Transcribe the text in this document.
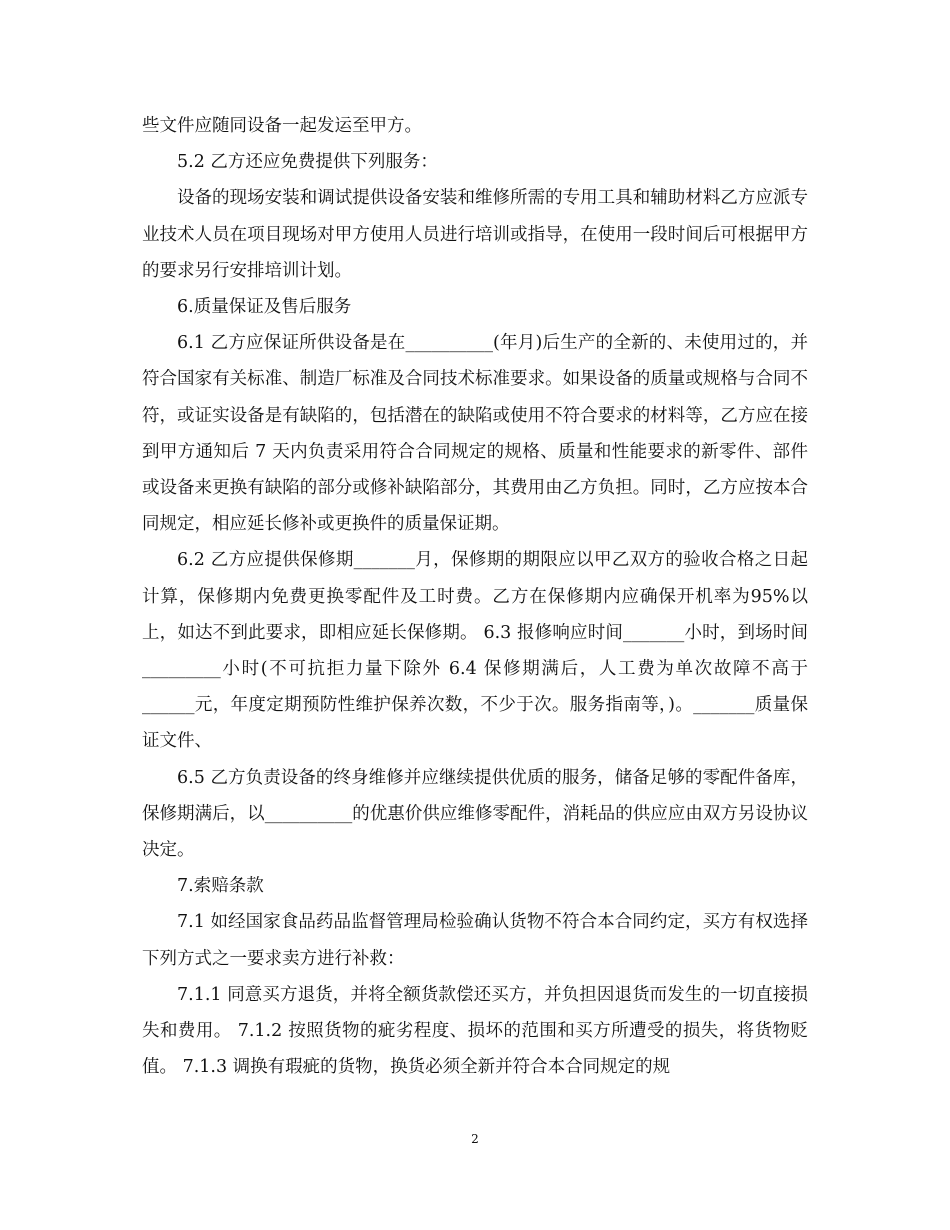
些文件应随同设备一起发运至甲方。

5.2 乙方还应免费提供下列服务：

设备的现场安装和调试提供设备安装和维修所需的专用工具和辅助材料乙方应派专业技术人员在项目现场对甲方使用人员进行培训或指导，在使用一段时间后可根据甲方的要求另行安排培训计划。

6.质量保证及售后服务

6.1 乙方应保证所供设备是在__________(年月)后生产的全新的、未使用过的，并符合国家有关标准、制造厂标准及合同技术标准要求。如果设备的质量或规格与合同不符，或证实设备是有缺陷的，包括潜在的缺陷或使用不符合要求的材料等，乙方应在接到甲方通知后 7 天内负责采用符合合同规定的规格、质量和性能要求的新零件、部件或设备来更换有缺陷的部分或修补缺陷部分，其费用由乙方负担。同时，乙方应按本合同规定，相应延长修补或更换件的质量保证期。

6.2 乙方应提供保修期_______月，保修期的期限应以甲乙双方的验收合格之日起计算，保修期内免费更换零配件及工时费。乙方在保修期内应确保开机率为95%以上，如达不到此要求，即相应延长保修期。 6.3 报修响应时间_______小时，到场时间_________小时(不可抗拒力量下除外 6.4 保修期满后，人工费为单次故障不高于______元，年度定期预防性维护保养次数，不少于次。服务指南等，)。_______质量保证文件、

6.5 乙方负责设备的终身维修并应继续提供优质的服务，储备足够的零配件备库，保修期满后，以__________的优惠价供应维修零配件，消耗品的供应应由双方另设协议决定。

7.索赔条款

7.1 如经国家食品药品监督管理局检验确认货物不符合本合同约定，买方有权选择下列方式之一要求卖方进行补救：

7.1.1 同意买方退货，并将全额货款偿还买方，并负担因退货而发生的一切直接损失和费用。 7.1.2 按照货物的疵劣程度、损坏的范围和买方所遭受的损失，将货物贬值。 7.1.3 调换有瑕疵的货物，换货必须全新并符合本合同规定的规

2
